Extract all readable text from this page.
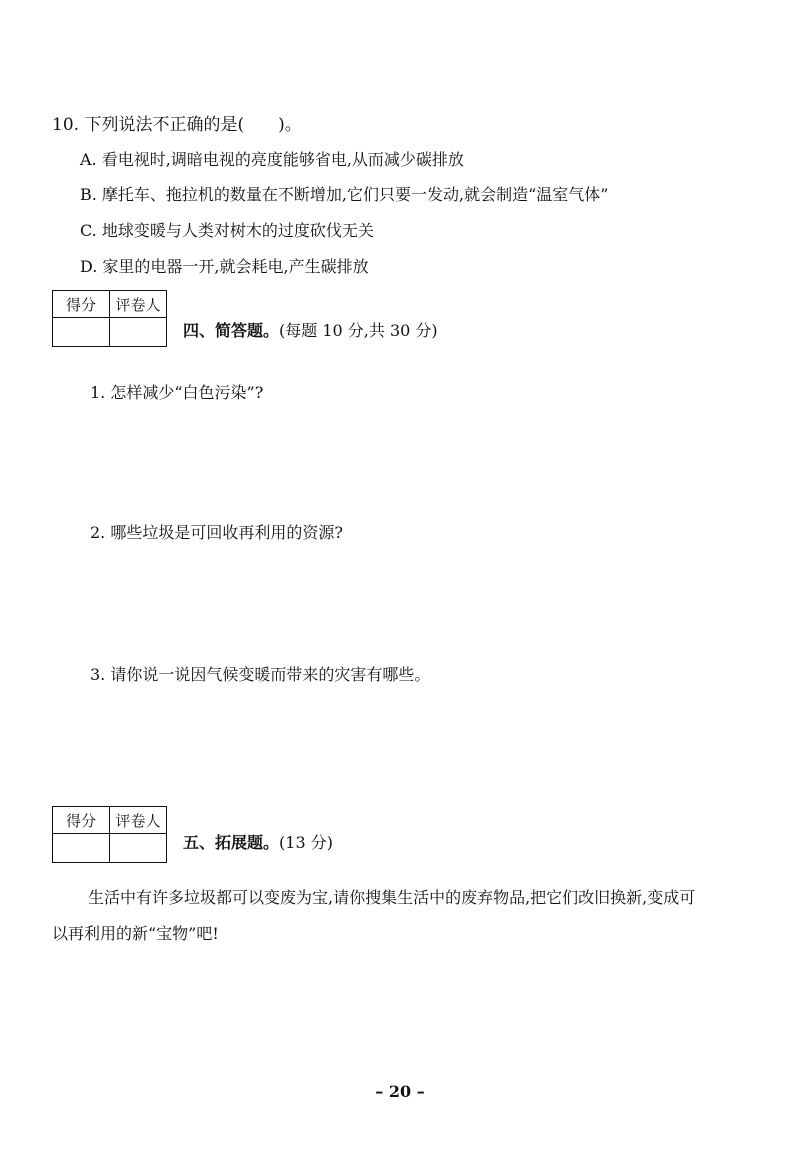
10. 下列说法不正确的是(　　)。
A. 看电视时,调暗电视的亮度能够省电,从而减少碳排放
B. 摩托车、拖拉机的数量在不断增加,它们只要一发动,就会制造“温室气体”
C. 地球变暖与人类对树木的过度砍伐无关
D. 家里的电器一开,就会耗电,产生碳排放
得分	评卷人

四、简答题。(每题 10 分,共 30 分)
1. 怎样减少“白色污染”?
2. 哪些垃圾是可回收再利用的资源?
3. 请你说一说因气候变暖而带来的灾害有哪些。
得分	评卷人

五、拓展题。(13 分)
生活中有许多垃圾都可以变废为宝,请你搜集生活中的废弃物品,把它们改旧换新,变成可以再利用的新“宝物”吧!
– 20 –
